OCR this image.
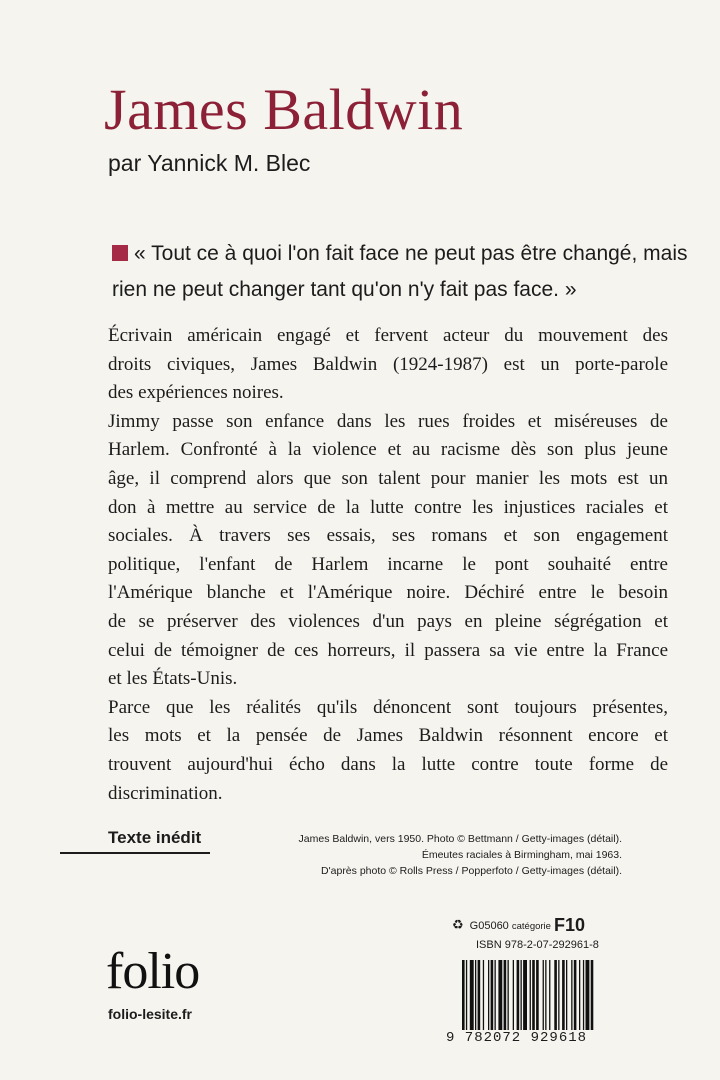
James Baldwin
par Yannick M. Blec
« Tout ce à quoi l'on fait face ne peut pas être changé, mais
rien ne peut changer tant qu'on n'y fait pas face. »
Écrivain américain engagé et fervent acteur du mouvement des
droits civiques, James Baldwin (1924-1987) est un porte-parole
des expériences noires.
Jimmy passe son enfance dans les rues froides et miséreuses de
Harlem. Confronté à la violence et au racisme dès son plus jeune
âge, il comprend alors que son talent pour manier les mots est un
don à mettre au service de la lutte contre les injustices raciales et
sociales. À travers ses essais, ses romans et son engagement
politique, l'enfant de Harlem incarne le pont souhaité entre
l'Amérique blanche et l'Amérique noire. Déchiré entre le besoin
de se préserver des violences d'un pays en pleine ségrégation et
celui de témoigner de ces horreurs, il passera sa vie entre la France
et les États-Unis.
Parce que les réalités qu'ils dénoncent sont toujours présentes,
les mots et la pensée de James Baldwin résonnent encore et
trouvent aujourd'hui écho dans la lutte contre toute forme de
discrimination.
Texte inédit	James Baldwin, vers 1950. Photo © Bettmann / Getty-images (détail).
Émeutes raciales à Birmingham, mai 1963.
D'après photo © Rolls Press / Popperfoto / Getty-images (détail).
♻ G05060 catégorie F10
ISBN 978-2-07-292961-8
9 782072 929618
folio
folio-lesite.fr
